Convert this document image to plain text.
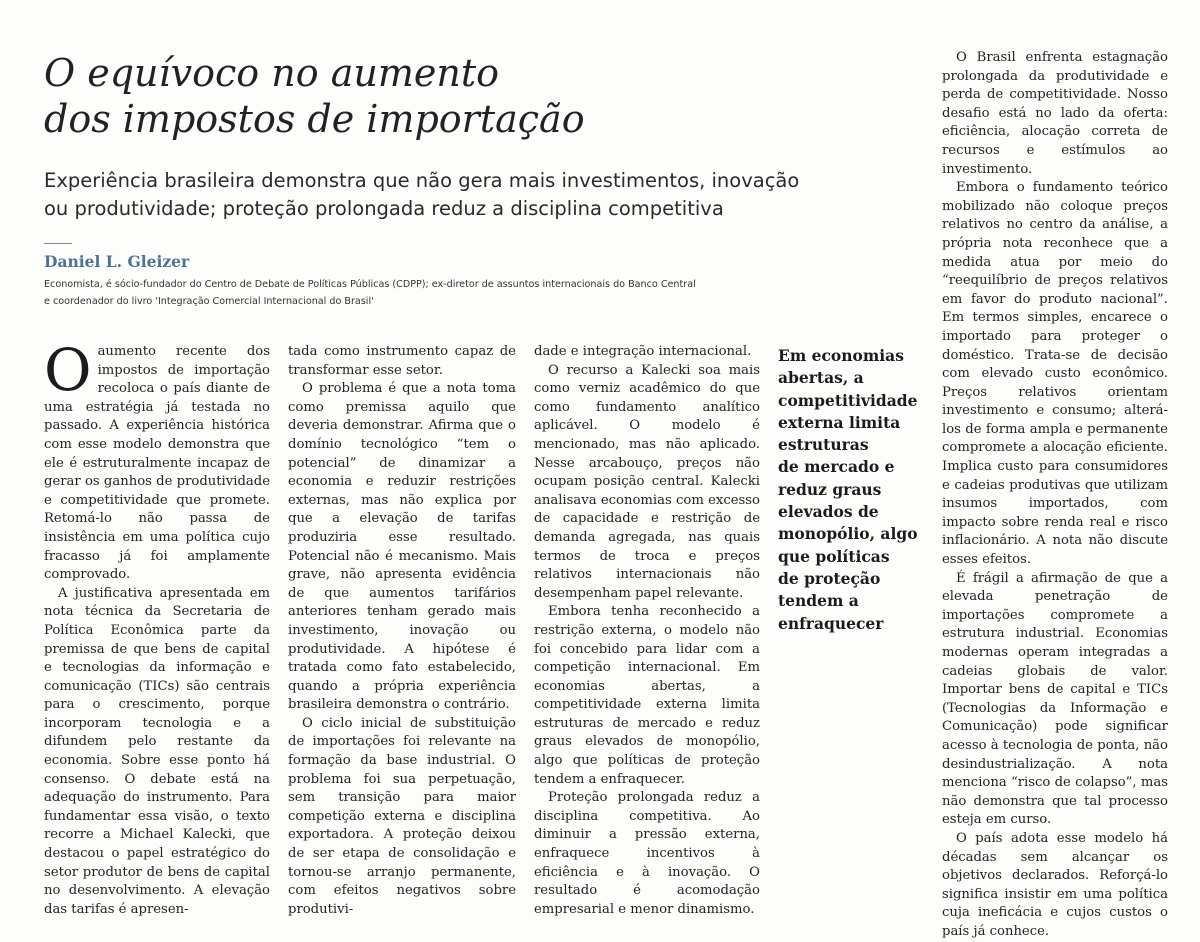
O equívoco no aumento
dos impostos de importação
Experiência brasileira demonstra que não gera mais investimentos, inovação
ou produtividade; proteção prolongada reduz a disciplina competitiva
Daniel L. Gleizer
Economista, é sócio-fundador do Centro de Debate de Políticas Públicas (CDPP); ex-diretor de assuntos internacionais do Banco Central
e coordenador do livro 'Integração Comercial Internacional do Brasil'

Oaumento recente dos impostos de importação recoloca o país diante de uma estratégia já testada no passado. A experiência histórica com esse modelo demonstra que ele é estruturalmente incapaz de gerar os ganhos de produtividade e competitividade que promete. Retomá-lo não passa de insistência em uma política cujo fracasso já foi amplamente comprovado.

A justificativa apresentada em nota técnica da Secretaria de Política Econômica parte da premissa de que bens de capital e tecnologias da informação e comunicação (TICs) são centrais para o crescimento, porque incorporam tecnologia e a difundem pelo restante da economia. Sobre esse ponto há consenso. O debate está na adequação do instrumento. Para fundamentar essa visão, o texto recorre a Michael Kalecki, que destacou o papel estratégico do setor produtor de bens de capital no desenvolvimento. A elevação das tarifas é apresen-

tada como instrumento capaz de transformar esse setor.

O problema é que a nota toma como premissa aquilo que deveria demonstrar. Afirma que o domínio tecnológico “tem o potencial” de dinamizar a economia e reduzir restrições externas, mas não explica por que a elevação de tarifas produziria esse resultado. Potencial não é mecanismo. Mais grave, não apresenta evidência de que aumentos tarifários anteriores tenham gerado mais investimento, inovação ou produtividade. A hipótese é tratada como fato estabelecido, quando a própria experiência brasileira demonstra o contrário.

O ciclo inicial de substituição de importações foi relevante na formação da base industrial. O problema foi sua perpetuação, sem transição para maior competição externa e disciplina exportadora. A proteção deixou de ser etapa de consolidação e tornou-se arranjo permanente, com efeitos negativos sobre produtivi-

dade e integração internacional.

O recurso a Kalecki soa mais como verniz acadêmico do que como fundamento analítico aplicável. O modelo é mencionado, mas não aplicado. Nesse arcabouço, preços não ocupam posição central. Kalecki analisava economias com excesso de capacidade e restrição de demanda agregada, nas quais termos de troca e preços relativos internacionais não desempenham papel relevante.

Embora tenha reconhecido a restrição externa, o modelo não foi concebido para lidar com a competição internacional. Em economias abertas, a competitividade externa limita estruturas de mercado e reduz graus elevados de monopólio, algo que políticas de proteção tendem a enfraquecer.

Proteção prolongada reduz a disciplina competitiva. Ao diminuir a pressão externa, enfraquece incentivos à eficiência e à inovação. O resultado é acomodação empresarial e menor dinamismo.

Em economias
abertas, a
competitividade
externa limita
estruturas
de mercado e
reduz graus
elevados de
monopólio, algo
que políticas
de proteção
tendem a
enfraquecer

O Brasil enfrenta estagnação prolongada da produtividade e perda de competitividade. Nosso desafio está no lado da oferta: eficiência, alocação correta de recursos e estímulos ao investimento.

Embora o fundamento teórico mobilizado não coloque preços relativos no centro da análise, a própria nota reconhece que a medida atua por meio do “reequilíbrio de preços relativos em favor do produto nacional”. Em termos simples, encarece o importado para proteger o doméstico. Trata-se de decisão com elevado custo econômico. Preços relativos orientam investimento e consumo; alterá-los de forma ampla e permanente compromete a alocação eficiente. Implica custo para consumidores e cadeias produtivas que utilizam insumos importados, com impacto sobre renda real e risco inflacionário. A nota não discute esses efeitos.

É frágil a afirmação de que a elevada penetração de importações compromete a estrutura industrial. Economias modernas operam integradas a cadeias globais de valor. Importar bens de capital e TICs (Tecnologias da Informação e Comunicação) pode significar acesso à tecnologia de ponta, não desindustrialização. A nota menciona “risco de colapso”, mas não demonstra que tal processo esteja em curso.

O país adota esse modelo há décadas sem alcançar os objetivos declarados. Reforçá-lo significa insistir em uma política cuja ineficácia e cujos custos o país já conhece.
